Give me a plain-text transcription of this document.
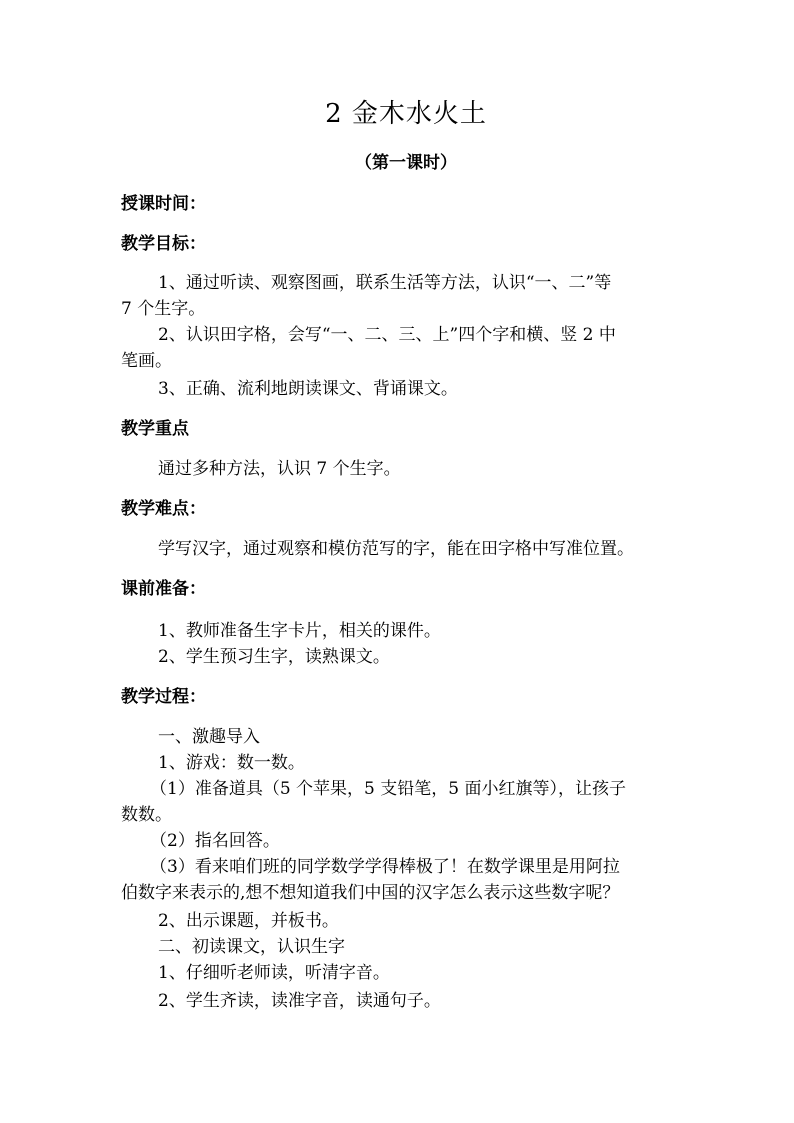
2 金木水火土
（第一课时）
授课时间：
教学目标：
1、通过听读、观察图画，联系生活等方法，认识“一、二”等
7 个生字。
2、认识田字格，会写“一、二、三、上”四个字和横、竖 2 中
笔画。
3、正确、流利地朗读课文、背诵课文。
教学重点
通过多种方法，认识 7 个生字。
教学难点：
学写汉字，通过观察和模仿范写的字，能在田字格中写准位置。
课前准备：
1、教师准备生字卡片，相关的课件。
2、学生预习生字，读熟课文。
教学过程：
一、激趣导入
1、游戏：数一数。
（1）准备道具（5 个苹果，5 支铅笔，5 面小红旗等），让孩子
数数。
（2）指名回答。
（3）看来咱们班的同学数学学得棒极了！在数学课里是用阿拉
伯数字来表示的,想不想知道我们中国的汉字怎么表示这些数字呢？
2、出示课题，并板书。
二、初读课文，认识生字
1、仔细听老师读，听清字音。
2、学生齐读，读准字音，读通句子。
